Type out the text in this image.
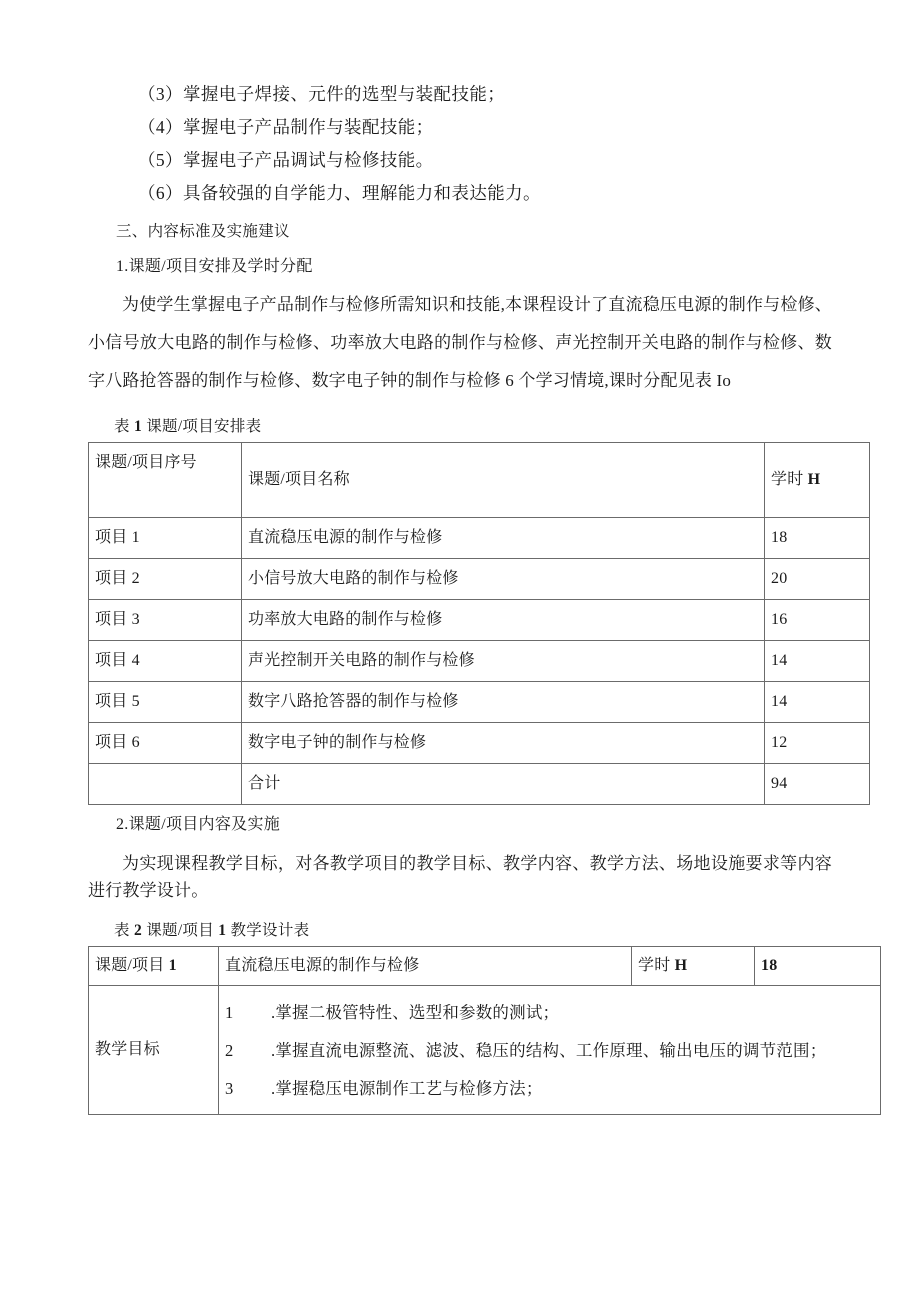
（3）掌握电子焊接、元件的选型与装配技能；
（4）掌握电子产品制作与装配技能；
（5）掌握电子产品调试与检修技能。
（6）具备较强的自学能力、理解能力和表达能力。
三、内容标准及实施建议
1.课题/项目安排及学时分配
为使学生掌握电子产品制作与检修所需知识和技能,本课程设计了直流稳压电源的制作与检修、小信号放大电路的制作与检修、功率放大电路的制作与检修、声光控制开关电路的制作与检修、数字八路抢答器的制作与检修、数字电子钟的制作与检修 6 个学习情境,课时分配见表 Io
表 1 课题/项目安排表
课题/项目序号	课题/项目名称	学时 H
项目 1	直流稳压电源的制作与检修	18
项目 2	小信号放大电路的制作与检修	20
项目 3	功率放大电路的制作与检修	16
项目 4	声光控制开关电路的制作与检修	14
项目 5	数字八路抢答器的制作与检修	14
项目 6	数字电子钟的制作与检修	12
	合计	94
2.课题/项目内容及实施
为实现课程教学目标，对各教学项目的教学目标、教学内容、教学方法、场地设施要求等内容进行教学设计。
表 2 课题/项目 1 教学设计表
课题/项目 1	直流稳压电源的制作与检修	学时 H	18
教学目标	1 .掌握二极管特性、选型和参数的测试；
2 .掌握直流电源整流、滤波、稳压的结构、工作原理、输出电压的调节范围；
3 .掌握稳压电源制作工艺与检修方法；		
